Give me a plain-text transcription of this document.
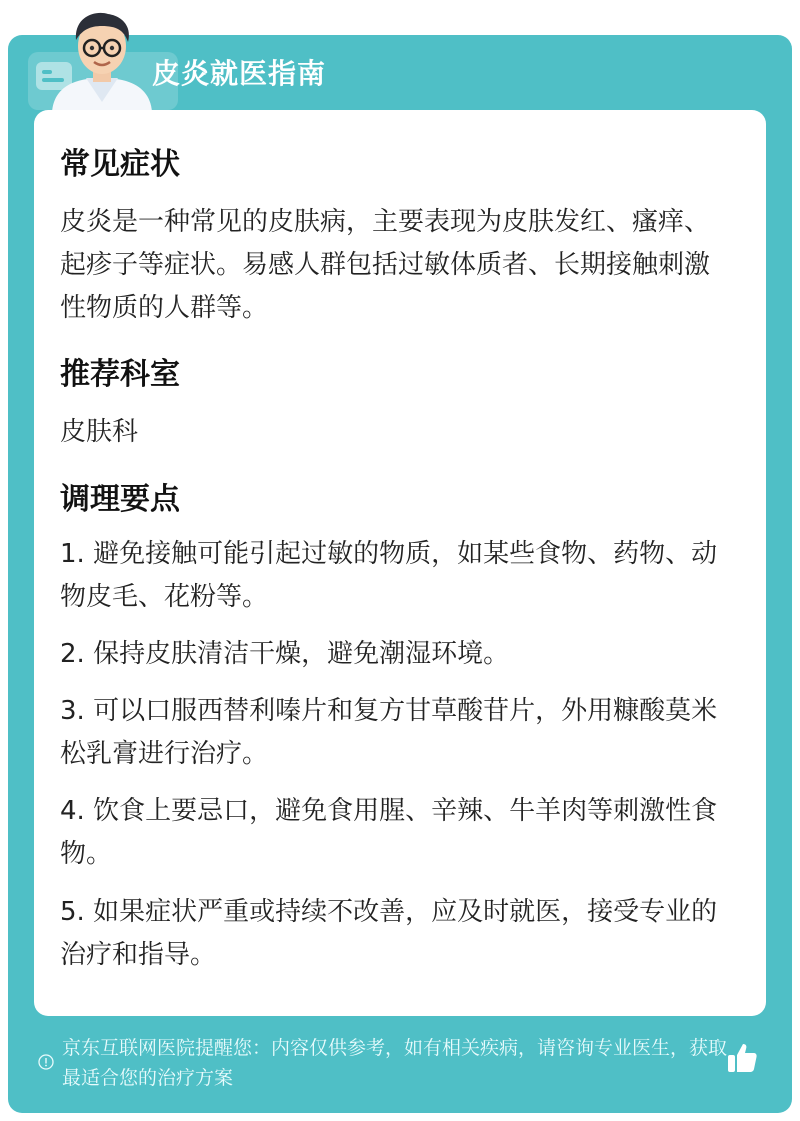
皮炎就医指南
常见症状
皮炎是一种常见的皮肤病，主要表现为皮肤发红、瘙痒、起疹子等症状。易感人群包括过敏体质者、长期接触刺激性物质的人群等。
推荐科室
皮肤科
调理要点
1. 避免接触可能引起过敏的物质，如某些食物、药物、动物皮毛、花粉等。
2. 保持皮肤清洁干燥，避免潮湿环境。
3. 可以口服西替利嗪片和复方甘草酸苷片，外用糠酸莫米松乳膏进行治疗。
4. 饮食上要忌口，避免食用腥、辛辣、牛羊肉等刺激性食物。
5. 如果症状严重或持续不改善，应及时就医，接受专业的治疗和指导。
京东互联网医院提醒您：内容仅供参考，如有相关疾病，请咨询专业医生，获取最适合您的治疗方案
